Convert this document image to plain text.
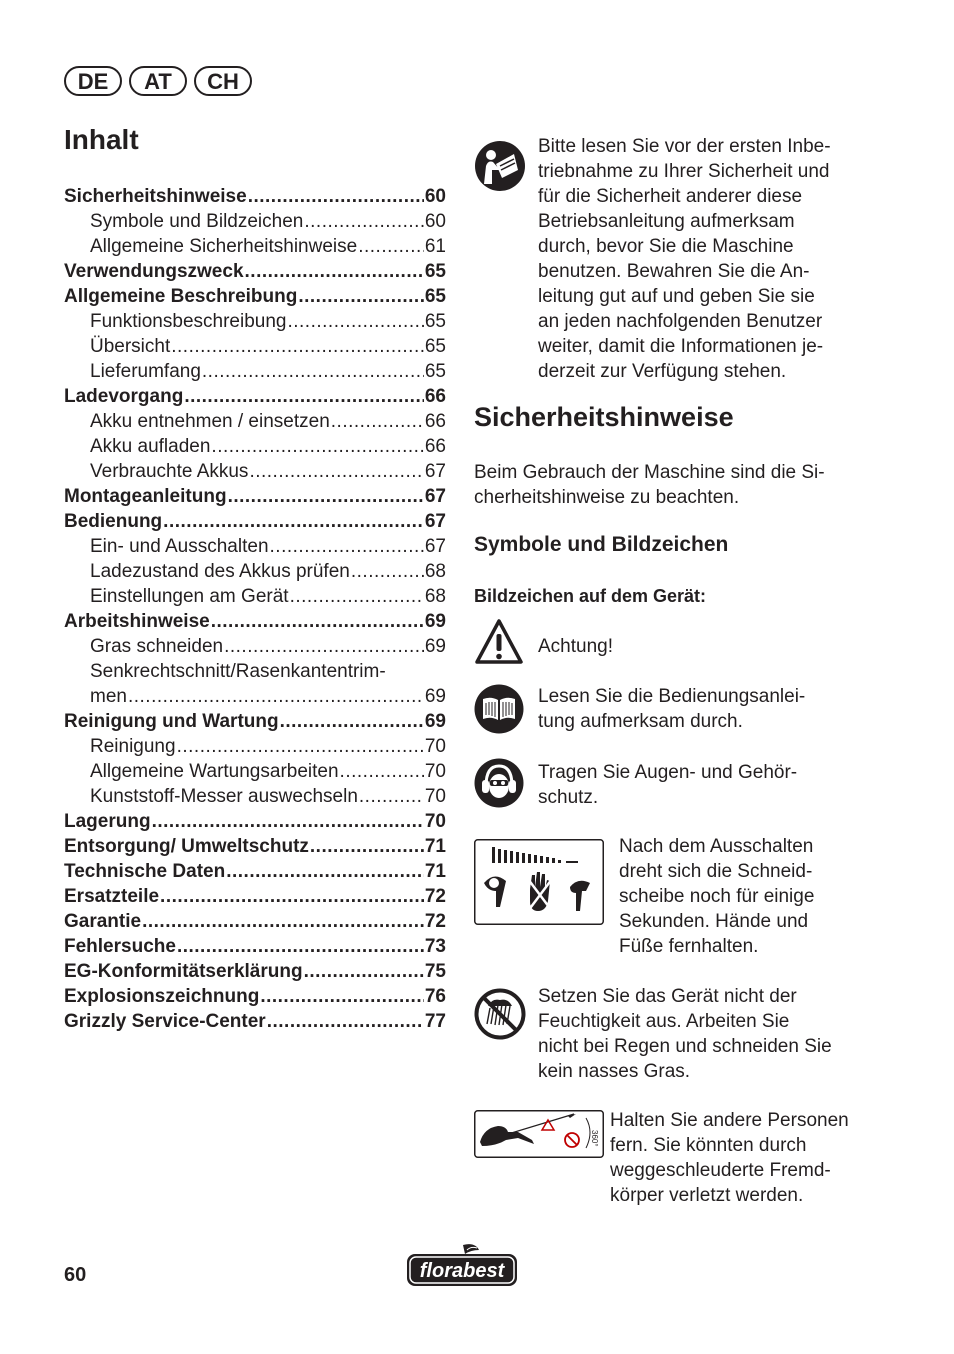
DE	AT	CH
Inhalt
Sicherheitshinweise .....	60
Symbole und Bildzeichen .....	60
Allgemeine Sicherheitshinweise .....	61
Verwendungszweck .....	65
Allgemeine Beschreibung .....	65
Funktionsbeschreibung .....	65
Übersicht .....	65
Lieferumfang .....	65
Ladevorgang .....	66
Akku entnehmen / einsetzen .....	66
Akku aufladen .....	66
Verbrauchte Akkus .....	67
Montageanleitung .....	67
Bedienung .....	67
Ein- und Ausschalten .....	67
Ladezustand des Akkus prüfen .....	68
Einstellungen am Gerät .....	68
Arbeitshinweise .....	69
Gras schneiden .....	69
Senkrechtschnitt/Rasenkantentrim-
men .....	69
Reinigung und Wartung .....	69
Reinigung .....	70
Allgemeine Wartungsarbeiten .....	70
Kunststoff-Messer auswechseln .....	70
Lagerung .....	70
Entsorgung/ Umweltschutz .....	71
Technische Daten .....	71
Ersatzteile .....	72
Garantie .....	72
Fehlersuche .....	73
EG-Konformitätserklärung .....	75
Explosionszeichnung .....	76
Grizzly Service-Center .....	77
Bitte lesen Sie vor der ersten Inbe-
triebnahme zu Ihrer Sicherheit und
für die Sicherheit anderer diese
Betriebsanleitung aufmerksam
durch, bevor Sie die Maschine
benutzen. Bewahren Sie die An-
leitung gut auf und geben Sie sie
an jeden nachfolgenden Benutzer
weiter, damit die Informationen je-
derzeit zur Verfügung stehen.
Sicherheitshinweise
Beim Gebrauch der Maschine sind die Si-
cherheitshinweise zu beachten.
Symbole und Bildzeichen
Bildzeichen auf dem Gerät:
Achtung!
Lesen Sie die Bedienungsanlei-
tung aufmerksam durch.
Tragen Sie Augen- und Gehör-
schutz.
Nach dem Ausschalten
dreht sich die Schneid-
scheibe noch für einige
Sekunden. Hände und
Füße fernhalten.
Setzen Sie das Gerät nicht der
Feuchtigkeit aus. Arbeiten Sie
nicht bei Regen und schneiden Sie
kein nasses Gras.
360°
Halten Sie andere Personen
fern. Sie könnten durch
weggeschleuderte Fremd-
körper verletzt werden.
60	florabest
